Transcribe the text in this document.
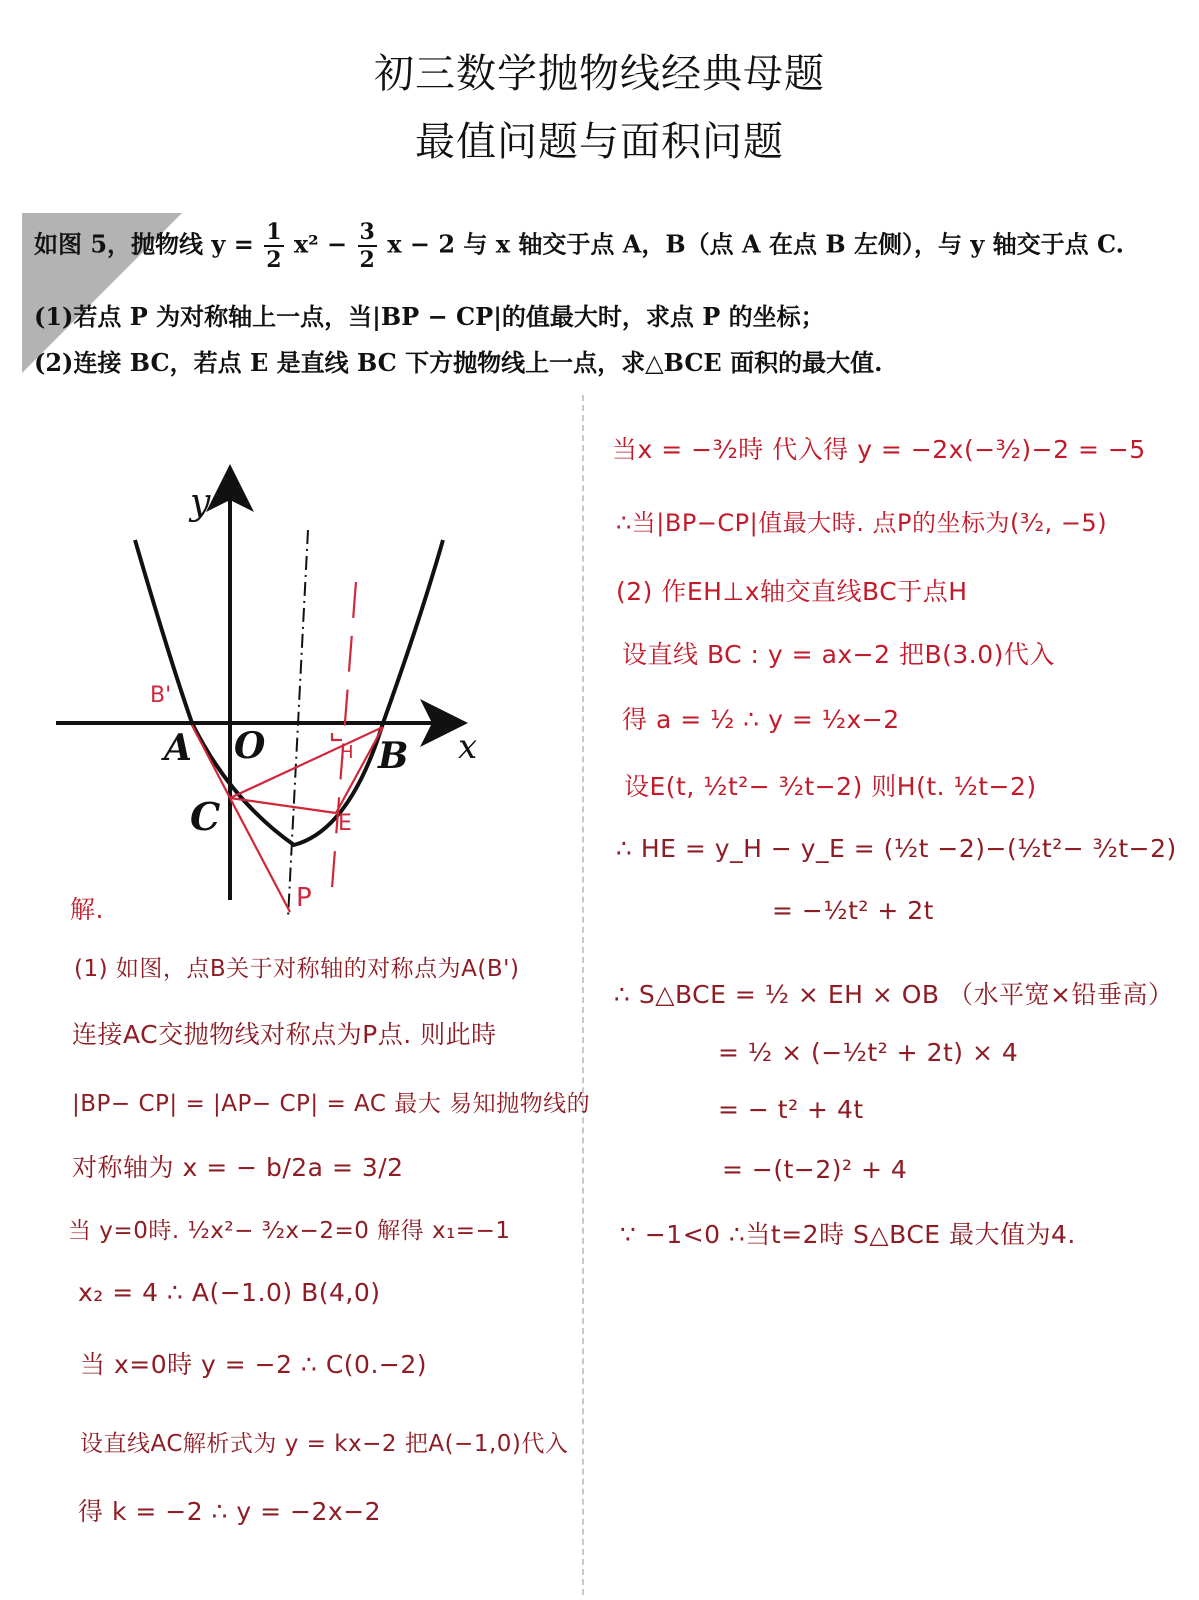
初三数学抛物线经典母题
最值问题与面积问题
如图 5，抛物线 $y = \frac{1}{2} x^2 - \frac{3}{2}$ x − 2 与 x 轴交于点 A，B（点 A 在点 B 左侧），与 y 轴交于点 C.
(1)若点 P 为对称轴上一点，当|BP − CP|的值最大时，求点 P 的坐标；
(2)连接 BC，若点 E 是直线 BC 下方抛物线上一点，求△BCE 面积的最大值.
y
x
O
A	B
C
B'
E
H
P
解.
(1) 如图，点B关于对称轴的对称点为A(B')
连接AC交抛物线对称点为P点. 则此時
|BP− CP| = |AP− CP| = AC 最大 易知抛物线的
对称轴为 x = − b/2a = 3/2
当 y=0時. ½x²− ³⁄₂x−2=0 解得 x₁=−1
x₂ = 4 ∴ A(−1.0) B(4,0)
当 x=0時 y = −2 ∴ C(0.−2)
设直线AC解析式为 y = kx−2 把A(−1,0)代入
得 k = −2 ∴ y = −2x−2
当x = −³⁄₂時 代入得 y = −2x(−³⁄₂)−2 = −5
∴当|BP−CP|值最大時. 点P的坐标为(³⁄₂, −5)
(2) 作EH⊥x轴交直线BC于点H
设直线 BC : y = ax−2 把B(3.0)代入
得 a = ½ ∴ y = ½x−2
设E(t, ½t²− ³⁄₂t−2) 则H(t. ½t−2)
∴ HE = y_H − y_E = (½t −2)−(½t²− ³⁄₂t−2)
= −½t² + 2t
∴ S△BCE = ½ × EH × OB （水平宽×铅垂高）
= ½ × (−½t² + 2t) × 4
= − t² + 4t
= −(t−2)² + 4
∵ −1<0 ∴当t=2時 S△BCE 最大值为4.
